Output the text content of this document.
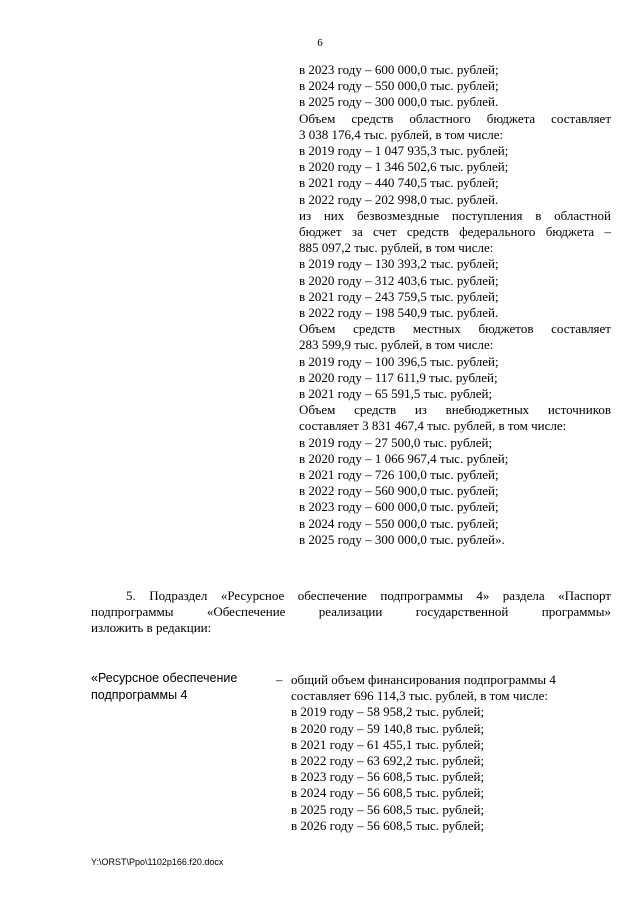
6
в 2023 году – 600 000,0 тыс. рублей;
в 2024 году – 550 000,0 тыс. рублей;
в 2025 году – 300 000,0 тыс. рублей.
Объем средств областного бюджета составляет
3 038 176,4 тыс. рублей, в том числе:
в 2019 году – 1 047 935,3 тыс. рублей;
в 2020 году – 1 346 502,6 тыс. рублей;
в 2021 году – 440 740,5 тыс. рублей;
в 2022 году – 202 998,0 тыс. рублей.
из них безвозмездные поступления в областной
бюджет за счет средств федерального бюджета –
885 097,2 тыс. рублей, в том числе:
в 2019 году – 130 393,2 тыс. рублей;
в 2020 году – 312 403,6 тыс. рублей;
в 2021 году – 243 759,5 тыс. рублей;
в 2022 году – 198 540,9 тыс. рублей.
Объем средств местных бюджетов составляет
283 599,9 тыс. рублей, в том числе:
в 2019 году – 100 396,5 тыс. рублей;
в 2020 году – 117 611,9 тыс. рублей;
в 2021 году – 65 591,5 тыс. рублей;
Объем средств из внебюджетных источников
составляет 3 831 467,4 тыс. рублей, в том числе:
в 2019 году – 27 500,0 тыс. рублей;
в 2020 году – 1 066 967,4 тыс. рублей;
в 2021 году – 726 100,0 тыс. рублей;
в 2022 году – 560 900,0 тыс. рублей;
в 2023 году – 600 000,0 тыс. рублей;
в 2024 году – 550 000,0 тыс. рублей;
в 2025 году – 300 000,0 тыс. рублей».
5. Подраздел «Ресурсное обеспечение подпрограммы 4» раздела «Паспорт
подпрограммы «Обеспечение реализации государственной программы»
изложить в редакции:
«Ресурсное обеспечение
подпрограммы 4
– общий объем финансирования подпрограммы 4
составляет 696 114,3 тыс. рублей, в том числе:
в 2019 году – 58 958,2 тыс. рублей;
в 2020 году – 59 140,8 тыс. рублей;
в 2021 году – 61 455,1 тыс. рублей;
в 2022 году – 63 692,2 тыс. рублей;
в 2023 году – 56 608,5 тыс. рублей;
в 2024 году – 56 608,5 тыс. рублей;
в 2025 году – 56 608,5 тыс. рублей;
в 2026 году – 56 608,5 тыс. рублей;
Y:\ORST\Ppo\1102p166.f20.docx
